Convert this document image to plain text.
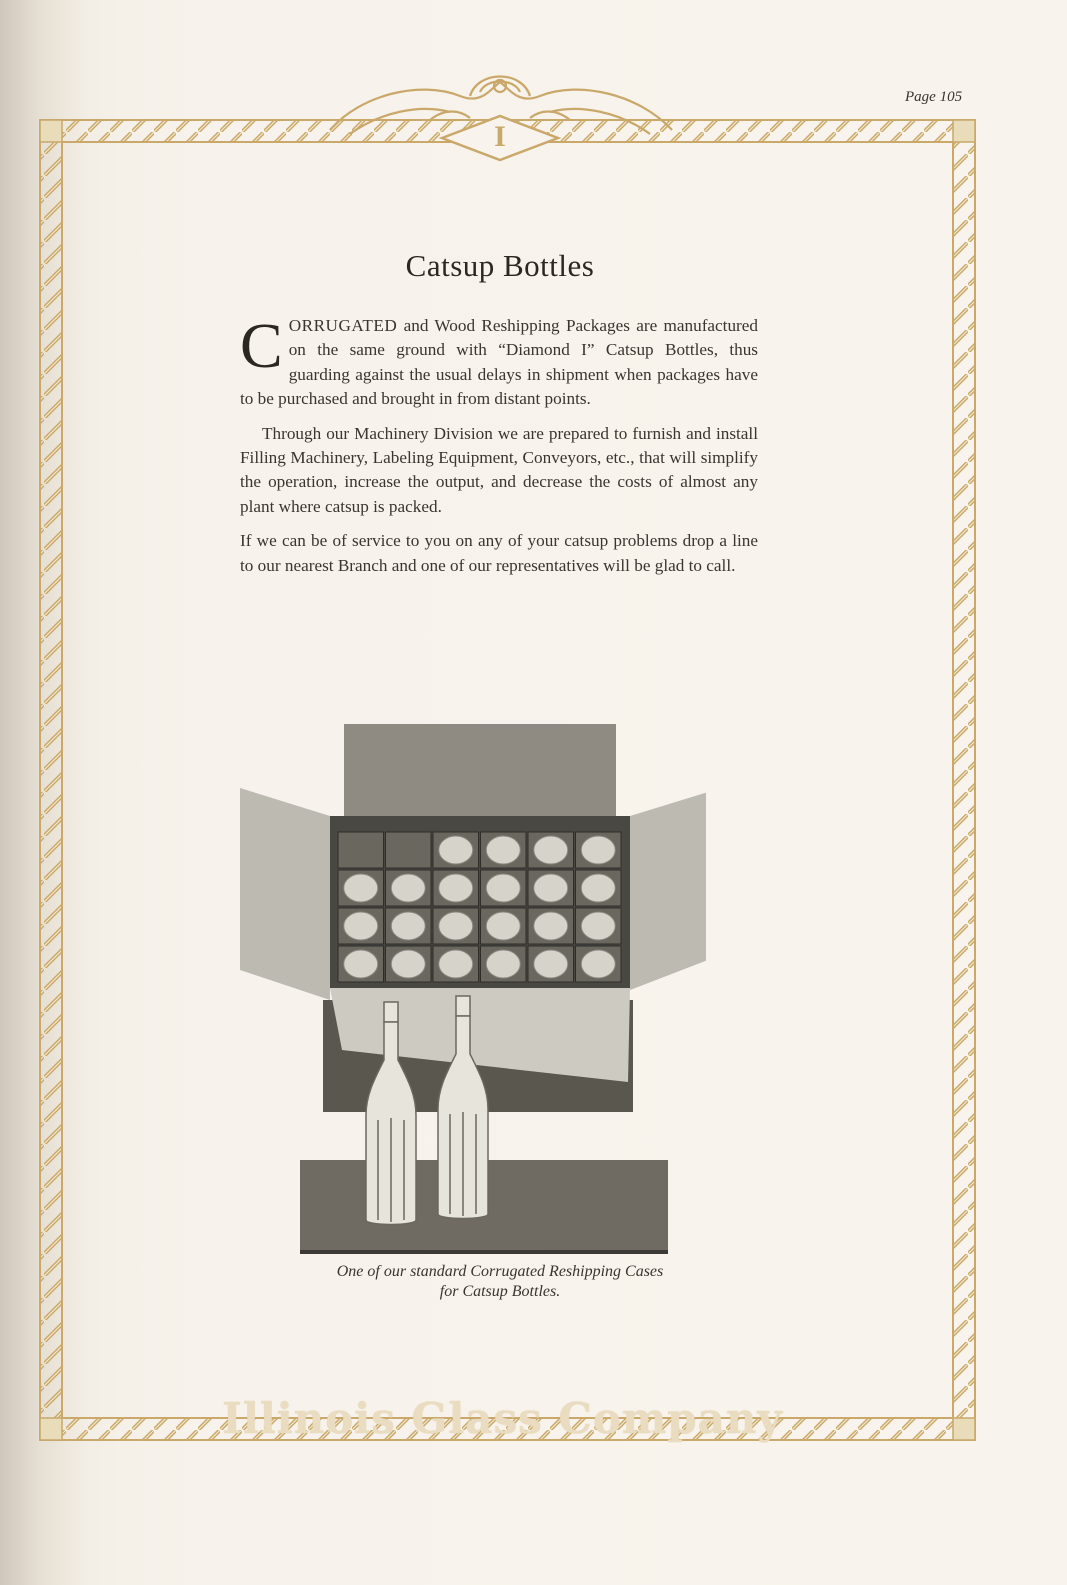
I
Page 105
Catsup Bottles

CORRUGATED and Wood Reshipping Packages are manufactured on the same ground with “Diamond I” Catsup Bottles, thus guarding against the usual delays in shipment when packages have to be purchased and brought in from distant points.

Through our Machinery Division we are prepared to furnish and install Filling Machinery, Labeling Equipment, Conveyors, etc., that will simplify the operation, increase the output, and decrease the costs of almost any plant where catsup is packed.

If we can be of service to you on any of your catsup problems drop a line to our nearest Branch and one of our representatives will be glad to call.

One of our standard Corrugated Reshipping Cases
for Catsup Bottles.
Illinois Glass Company
